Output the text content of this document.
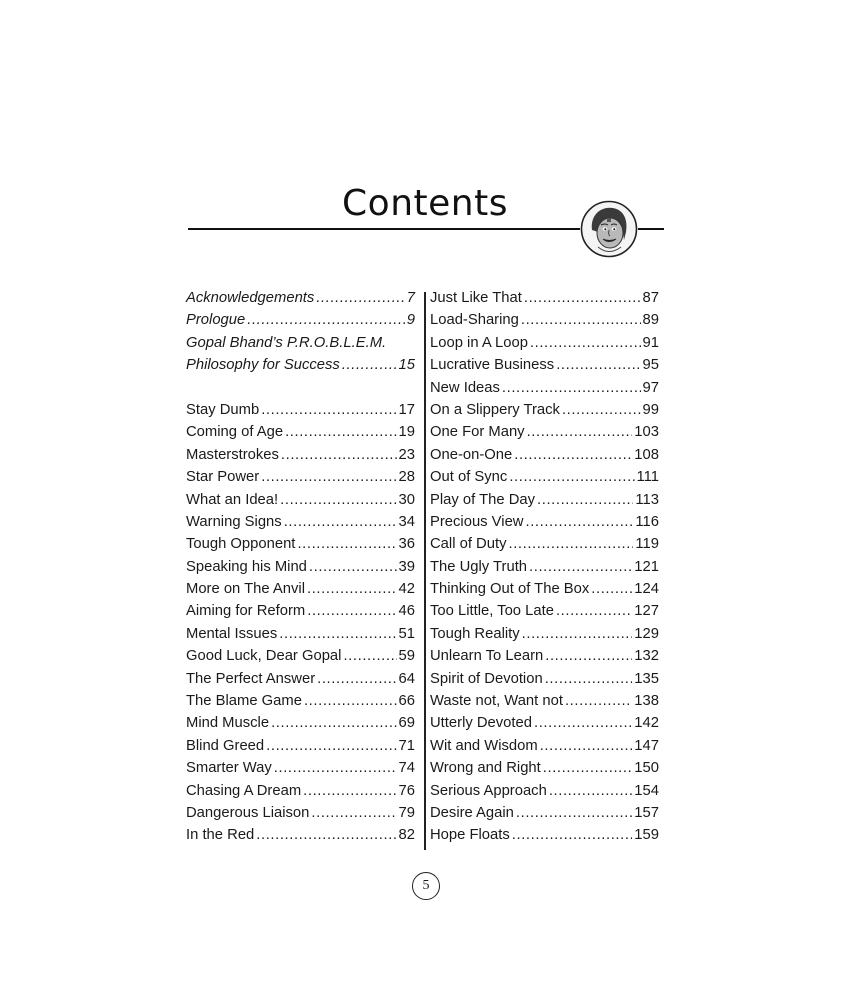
Contents
Acknowledgements .....	7
Prologue .....	9
Gopal Bhand’s P.R.O.B.L.E.M.
Philosophy for Success .....	15
Stay Dumb .....	17
Coming of Age .....	19
Masterstrokes .....	23
Star Power .....	28
What an Idea! .....	30
Warning Signs .....	34
Tough Opponent .....	36
Speaking his Mind .....	39
More on The Anvil .....	42
Aiming for Reform .....	46
Mental Issues .....	51
Good Luck, Dear Gopal .....	59
The Perfect Answer .....	64
The Blame Game .....	66
Mind Muscle .....	69
Blind Greed .....	71
Smarter Way .....	74
Chasing A Dream .....	76
Dangerous Liaison .....	79
In the Red .....	82
Just Like That .....	87
Load-Sharing .....	89
Loop in A Loop .....	91
Lucrative Business .....	95
New Ideas .....	97
On a Slippery Track .....	99
One For Many .....	103
One-on-One .....	108
Out of Sync .....	111
Play of The Day .....	113
Precious View .....	116
Call of Duty .....	119
The Ugly Truth .....	121
Thinking Out of The Box .....	124
Too Little, Too Late .....	127
Tough Reality .....	129
Unlearn To Learn .....	132
Spirit of Devotion .....	135
Waste not, Want not .....	138
Utterly Devoted .....	142
Wit and Wisdom .....	147
Wrong and Right .....	150
Serious Approach .....	154
Desire Again .....	157
Hope Floats .....	159
5
